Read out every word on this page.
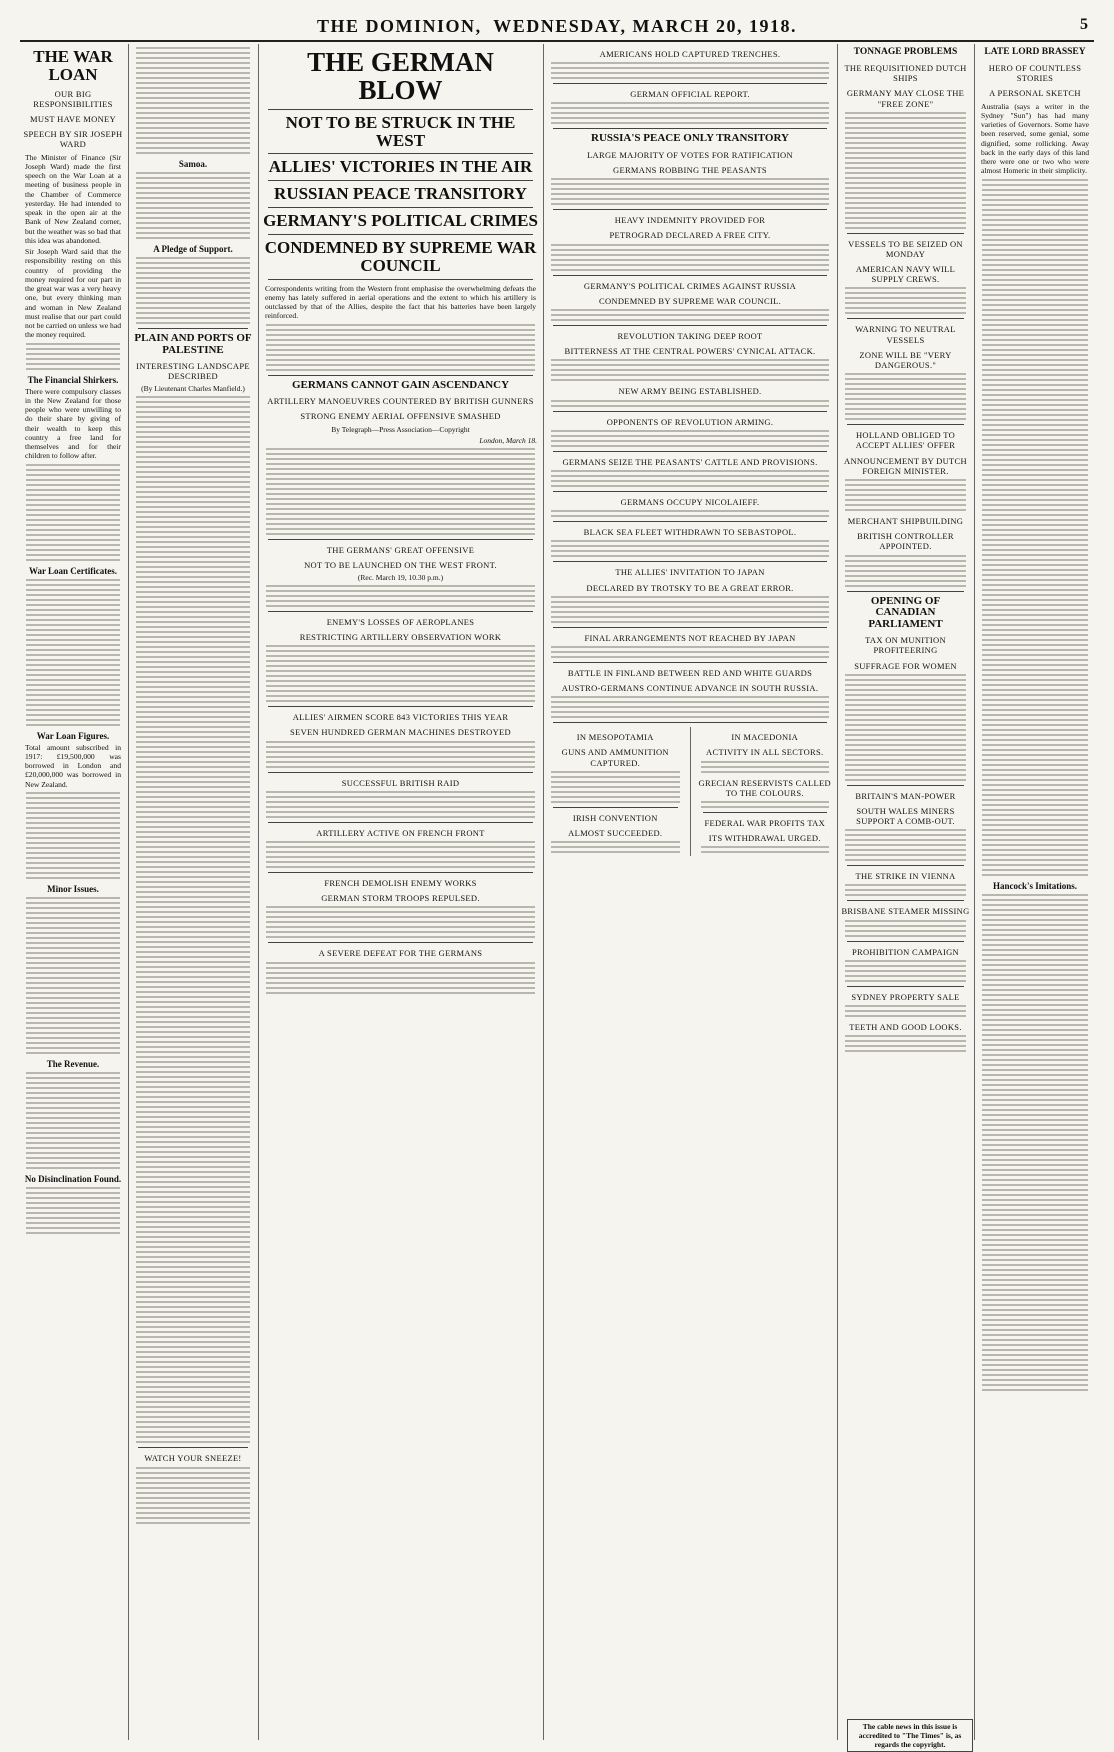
THE DOMINION,  WEDNESDAY, MARCH 20, 1918.	5
THE WAR LOAN
OUR BIG RESPONSIBILITIES
MUST HAVE MONEY
SPEECH BY SIR JOSEPH WARD

The Minister of Finance (Sir Joseph Ward) made the first speech on the War Loan at a meeting of business people in the Chamber of Commerce yesterday. He had intended to speak in the open air at the Bank of New Zealand corner, but the weather was so bad that this idea was abandoned.

Sir Joseph Ward said that the responsibility resting on this country of providing the money required for our part in the great war was a very heavy one, but every thinking man and woman in New Zealand must realise that our part could not be carried on unless we had the money required.

The Financial Shirkers.

There were compulsory classes in the New Zealand for those people who were unwilling to do their share by giving of their wealth to keep this country a free land for themselves and for their children to follow after.

War Loan Certificates.
War Loan Figures.

Total amount subscribed in 1917: £19,500,000 was borrowed in London and £20,000,000 was borrowed in New Zealand.

Minor Issues.
The Revenue.
No Disinclination Found.
Samoa.
A Pledge of Support.
PLAIN AND PORTS OF PALESTINE
INTERESTING LANDSCAPE DESCRIBED
(By Lieutenant Charles Manfield.)
WATCH YOUR SNEEZE!
THE GERMAN BLOW
NOT TO BE STRUCK IN THE WEST
ALLIES' VICTORIES IN THE AIR
RUSSIAN PEACE TRANSITORY
GERMANY'S POLITICAL CRIMES
CONDEMNED BY SUPREME WAR COUNCIL

Correspondents writing from the Western front emphasise the overwhelming defeats the enemy has lately suffered in aerial operations and the extent to which his artillery is outclassed by that of the Allies, despite the fact that his batteries have been largely reinforced.

GERMANS CANNOT GAIN ASCENDANCY
ARTILLERY MANOEUVRES COUNTERED BY BRITISH GUNNERS
STRONG ENEMY AERIAL OFFENSIVE SMASHED
By Telegraph—Press Association—Copyright
London, March 18.
THE GERMANS' GREAT OFFENSIVE
NOT TO BE LAUNCHED ON THE WEST FRONT.
(Rec. March 19, 10.30 p.m.)
ENEMY'S LOSSES OF AEROPLANES
RESTRICTING ARTILLERY OBSERVATION WORK
ALLIES' AIRMEN SCORE 843 VICTORIES THIS YEAR
SEVEN HUNDRED GERMAN MACHINES DESTROYED
SUCCESSFUL BRITISH RAID
ARTILLERY ACTIVE ON FRENCH FRONT
FRENCH DEMOLISH ENEMY WORKS
GERMAN STORM TROOPS REPULSED.
A SEVERE DEFEAT FOR THE GERMANS
AMERICANS HOLD CAPTURED TRENCHES.
GERMAN OFFICIAL REPORT.
RUSSIA'S PEACE ONLY TRANSITORY
LARGE MAJORITY OF VOTES FOR RATIFICATION
GERMANS ROBBING THE PEASANTS
HEAVY INDEMNITY PROVIDED FOR
PETROGRAD DECLARED A FREE CITY.
GERMANY'S POLITICAL CRIMES AGAINST RUSSIA
CONDEMNED BY SUPREME WAR COUNCIL.
REVOLUTION TAKING DEEP ROOT
BITTERNESS AT THE CENTRAL POWERS' CYNICAL ATTACK.
NEW ARMY BEING ESTABLISHED.
OPPONENTS OF REVOLUTION ARMING.
GERMANS SEIZE THE PEASANTS' CATTLE AND PROVISIONS.
GERMANS OCCUPY NICOLAIEFF.
BLACK SEA FLEET WITHDRAWN TO SEBASTOPOL.
THE ALLIES' INVITATION TO JAPAN
DECLARED BY TROTSKY TO BE A GREAT ERROR.
FINAL ARRANGEMENTS NOT REACHED BY JAPAN
BATTLE IN FINLAND BETWEEN RED AND WHITE GUARDS
AUSTRO-GERMANS CONTINUE ADVANCE IN SOUTH RUSSIA.
IN MESOPOTAMIA
GUNS AND AMMUNITION CAPTURED.
IRISH CONVENTION
ALMOST SUCCEEDED.
IN MACEDONIA
ACTIVITY IN ALL SECTORS.
GRECIAN RESERVISTS CALLED TO THE COLOURS.
FEDERAL WAR PROFITS TAX
ITS WITHDRAWAL URGED.
TONNAGE PROBLEMS
THE REQUISITIONED DUTCH SHIPS
GERMANY MAY CLOSE THE "FREE ZONE"
VESSELS TO BE SEIZED ON MONDAY
AMERICAN NAVY WILL SUPPLY CREWS.
WARNING TO NEUTRAL VESSELS
ZONE WILL BE "VERY DANGEROUS."
HOLLAND OBLIGED TO ACCEPT ALLIES' OFFER
ANNOUNCEMENT BY DUTCH FOREIGN MINISTER.
MERCHANT SHIPBUILDING
BRITISH CONTROLLER APPOINTED.
OPENING OF CANADIAN PARLIAMENT
TAX ON MUNITION PROFITEERING
SUFFRAGE FOR WOMEN
BRITAIN'S MAN-POWER
SOUTH WALES MINERS SUPPORT A COMB-OUT.
THE STRIKE IN VIENNA
BRISBANE STEAMER MISSING
PROHIBITION CAMPAIGN
SYDNEY PROPERTY SALE
TEETH AND GOOD LOOKS.
LATE LORD BRASSEY
HERO OF COUNTLESS STORIES
A PERSONAL SKETCH

Australia (says a writer in the Sydney "Sun") has had many varieties of Governors. Some have been reserved, some genial, some dignified, some rollicking. Away back in the early days of this land there were one or two who were almost Homeric in their simplicity.

Hancock's Imitations.
The cable news in this issue is accredited to "The Times" is, as regards the copyright.
